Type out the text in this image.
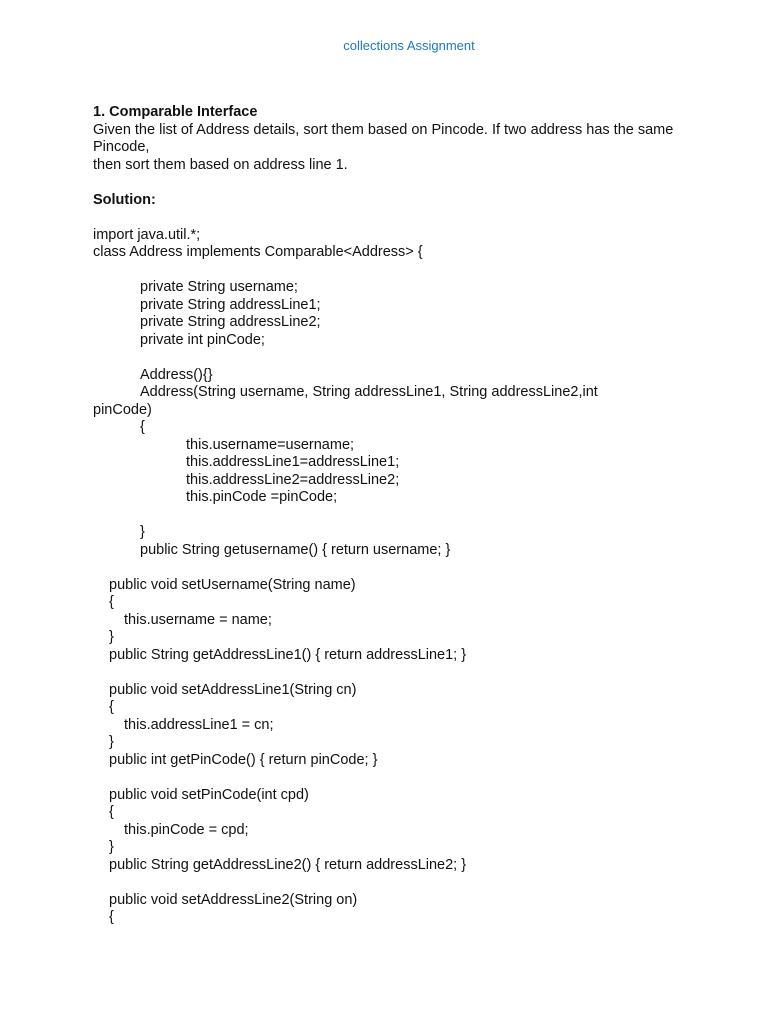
collections Assignment
1. Comparable Interface
Given the list of Address details, sort them based on Pincode. If two address has the same Pincode,
then sort them based on address line 1.
Solution:
import java.util.*;
class Address implements Comparable<Address> {
private String username;
private String addressLine1;
private String addressLine2;
private int pinCode;
Address(){}
Address(String username, String addressLine1, String addressLine2,int
pinCode)
{
this.username=username;
this.addressLine1=addressLine1;
this.addressLine2=addressLine2;
this.pinCode =pinCode;
}
public String getusername() { return username; }
public void setUsername(String name)
{
this.username = name;
}
public String getAddressLine1() { return addressLine1; }
public void setAddressLine1(String cn)
{
this.addressLine1 = cn;
}
public int getPinCode() { return pinCode; }
public void setPinCode(int cpd)
{
this.pinCode = cpd;
}
public String getAddressLine2() { return addressLine2; }
public void setAddressLine2(String on)
{
